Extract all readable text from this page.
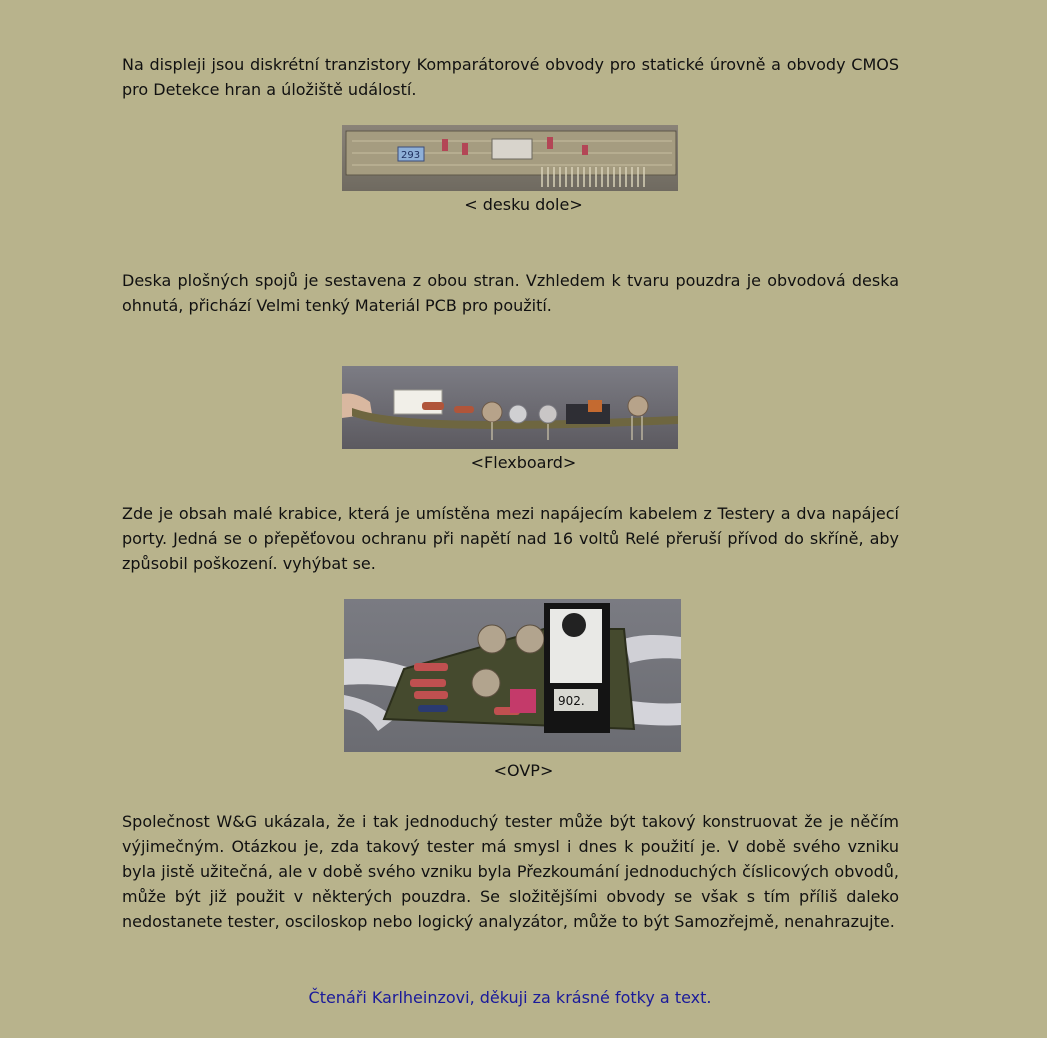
Na displeji jsou diskrétní tranzistory Komparátorové obvody pro statické úrovně a obvody CMOS pro Detekce hran a úložiště událostí.

293
< desku dole>

Deska plošných spojů je sestavena z obou stran. Vzhledem k tvaru pouzdra je obvodová deska ohnutá, přichází Velmi tenký Materiál PCB pro použití.

<Flexboard>

Zde je obsah malé krabice, která je umístěna mezi napájecím kabelem z Testery a dva napájecí porty. Jedná se o přepěťovou ochranu při napětí nad 16 voltů Relé přeruší přívod do skříně, aby způsobil poškození. vyhýbat se.

902.
<OVP>

Společnost W&G ukázala, že i tak jednoduchý tester může být takový konstruovat že je něčím výjimečným. Otázkou je, zda takový tester má smysl i dnes k použití je. V době svého vzniku byla jistě užitečná, ale v době svého vzniku byla Přezkoumání jednoduchých číslicových obvodů, může být již použit v některých pouzdra. Se složitějšími obvody se však s tím příliš daleko nedostanete tester, osciloskop nebo logický analyzátor, může to být Samozřejmě, nenahrazujte.

Čtenáři Karlheinzovi, děkuji za krásné fotky a text.
